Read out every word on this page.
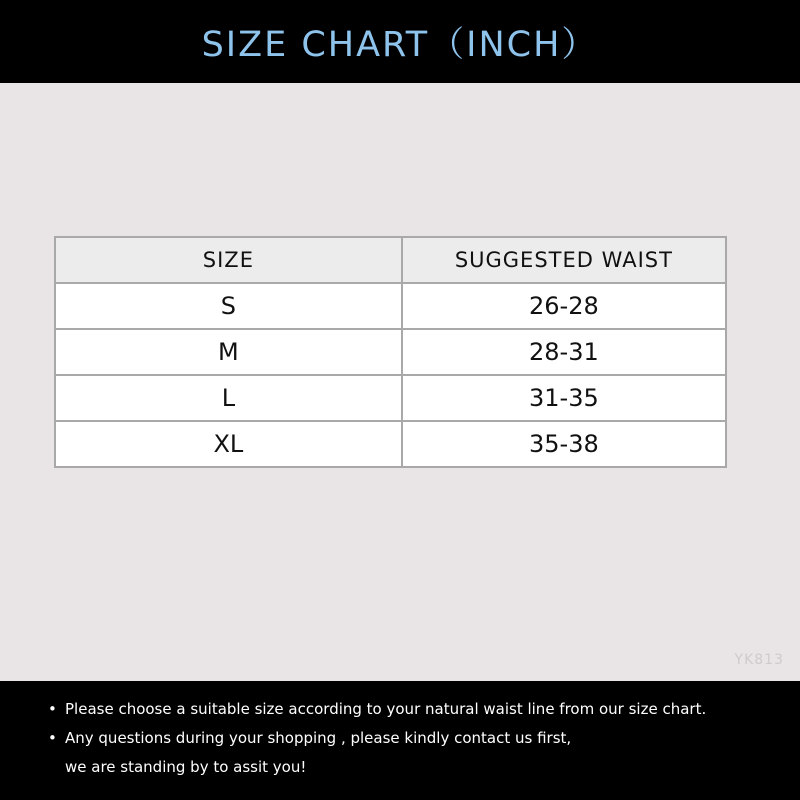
SIZE CHART（INCH）
SIZE	SUGGESTED WAIST
S	26-28
M	28-31
L	31-35
XL	35-38
YK813
• Please choose a suitable size according to your natural waist line from our size chart.
• Any questions during your shopping , please kindly contact us first,
we are standing by to assit you!
